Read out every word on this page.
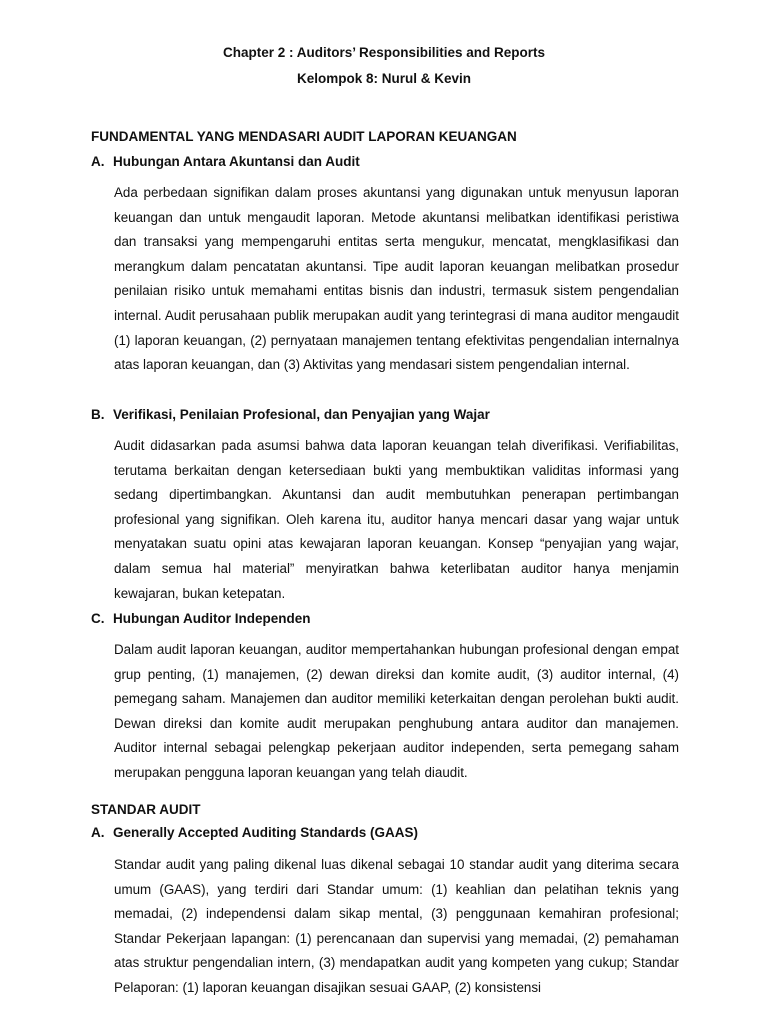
Chapter 2 : Auditors’ Responsibilities and Reports
Kelompok 8: Nurul & Kevin
FUNDAMENTAL YANG MENDASARI AUDIT LAPORAN KEUANGAN
A. Hubungan Antara Akuntansi dan Audit
Ada perbedaan signifikan dalam proses akuntansi yang digunakan untuk menyusun laporan keuangan dan untuk mengaudit laporan. Metode akuntansi melibatkan identifikasi peristiwa dan transaksi yang mempengaruhi entitas serta mengukur, mencatat, mengklasifikasi dan merangkum dalam pencatatan akuntansi. Tipe audit laporan keuangan melibatkan prosedur penilaian risiko untuk memahami entitas bisnis dan industri, termasuk sistem pengendalian internal. Audit perusahaan publik merupakan audit yang terintegrasi di mana auditor mengaudit (1) laporan keuangan, (2) pernyataan manajemen tentang efektivitas pengendalian internalnya atas laporan keuangan, dan (3) Aktivitas yang mendasari sistem pengendalian internal.
B. Verifikasi, Penilaian Profesional, dan Penyajian yang Wajar
Audit didasarkan pada asumsi bahwa data laporan keuangan telah diverifikasi. Verifiabilitas, terutama berkaitan dengan ketersediaan bukti yang membuktikan validitas informasi yang sedang dipertimbangkan. Akuntansi dan audit membutuhkan penerapan pertimbangan profesional yang signifikan. Oleh karena itu, auditor hanya mencari dasar yang wajar untuk menyatakan suatu opini atas kewajaran laporan keuangan. Konsep “penyajian yang wajar, dalam semua hal material” menyiratkan bahwa keterlibatan auditor hanya menjamin kewajaran, bukan ketepatan.
C. Hubungan Auditor Independen
Dalam audit laporan keuangan, auditor mempertahankan hubungan profesional dengan empat grup penting, (1) manajemen, (2) dewan direksi dan komite audit, (3) auditor internal, (4) pemegang saham. Manajemen dan auditor memiliki keterkaitan dengan perolehan bukti audit. Dewan direksi dan komite audit merupakan penghubung antara auditor dan manajemen. Auditor internal sebagai pelengkap pekerjaan auditor independen, serta pemegang saham merupakan pengguna laporan keuangan yang telah diaudit.
STANDAR AUDIT
A. Generally Accepted Auditing Standards (GAAS)
Standar audit yang paling dikenal luas dikenal sebagai 10 standar audit yang diterima secara umum (GAAS), yang terdiri dari Standar umum: (1) keahlian dan pelatihan teknis yang memadai, (2) independensi dalam sikap mental, (3) penggunaan kemahiran profesional; Standar Pekerjaan lapangan: (1) perencanaan dan supervisi yang memadai, (2) pemahaman atas struktur pengendalian intern, (3) mendapatkan audit yang kompeten yang cukup; Standar Pelaporan: (1) laporan keuangan disajikan sesuai GAAP, (2) konsistensi
